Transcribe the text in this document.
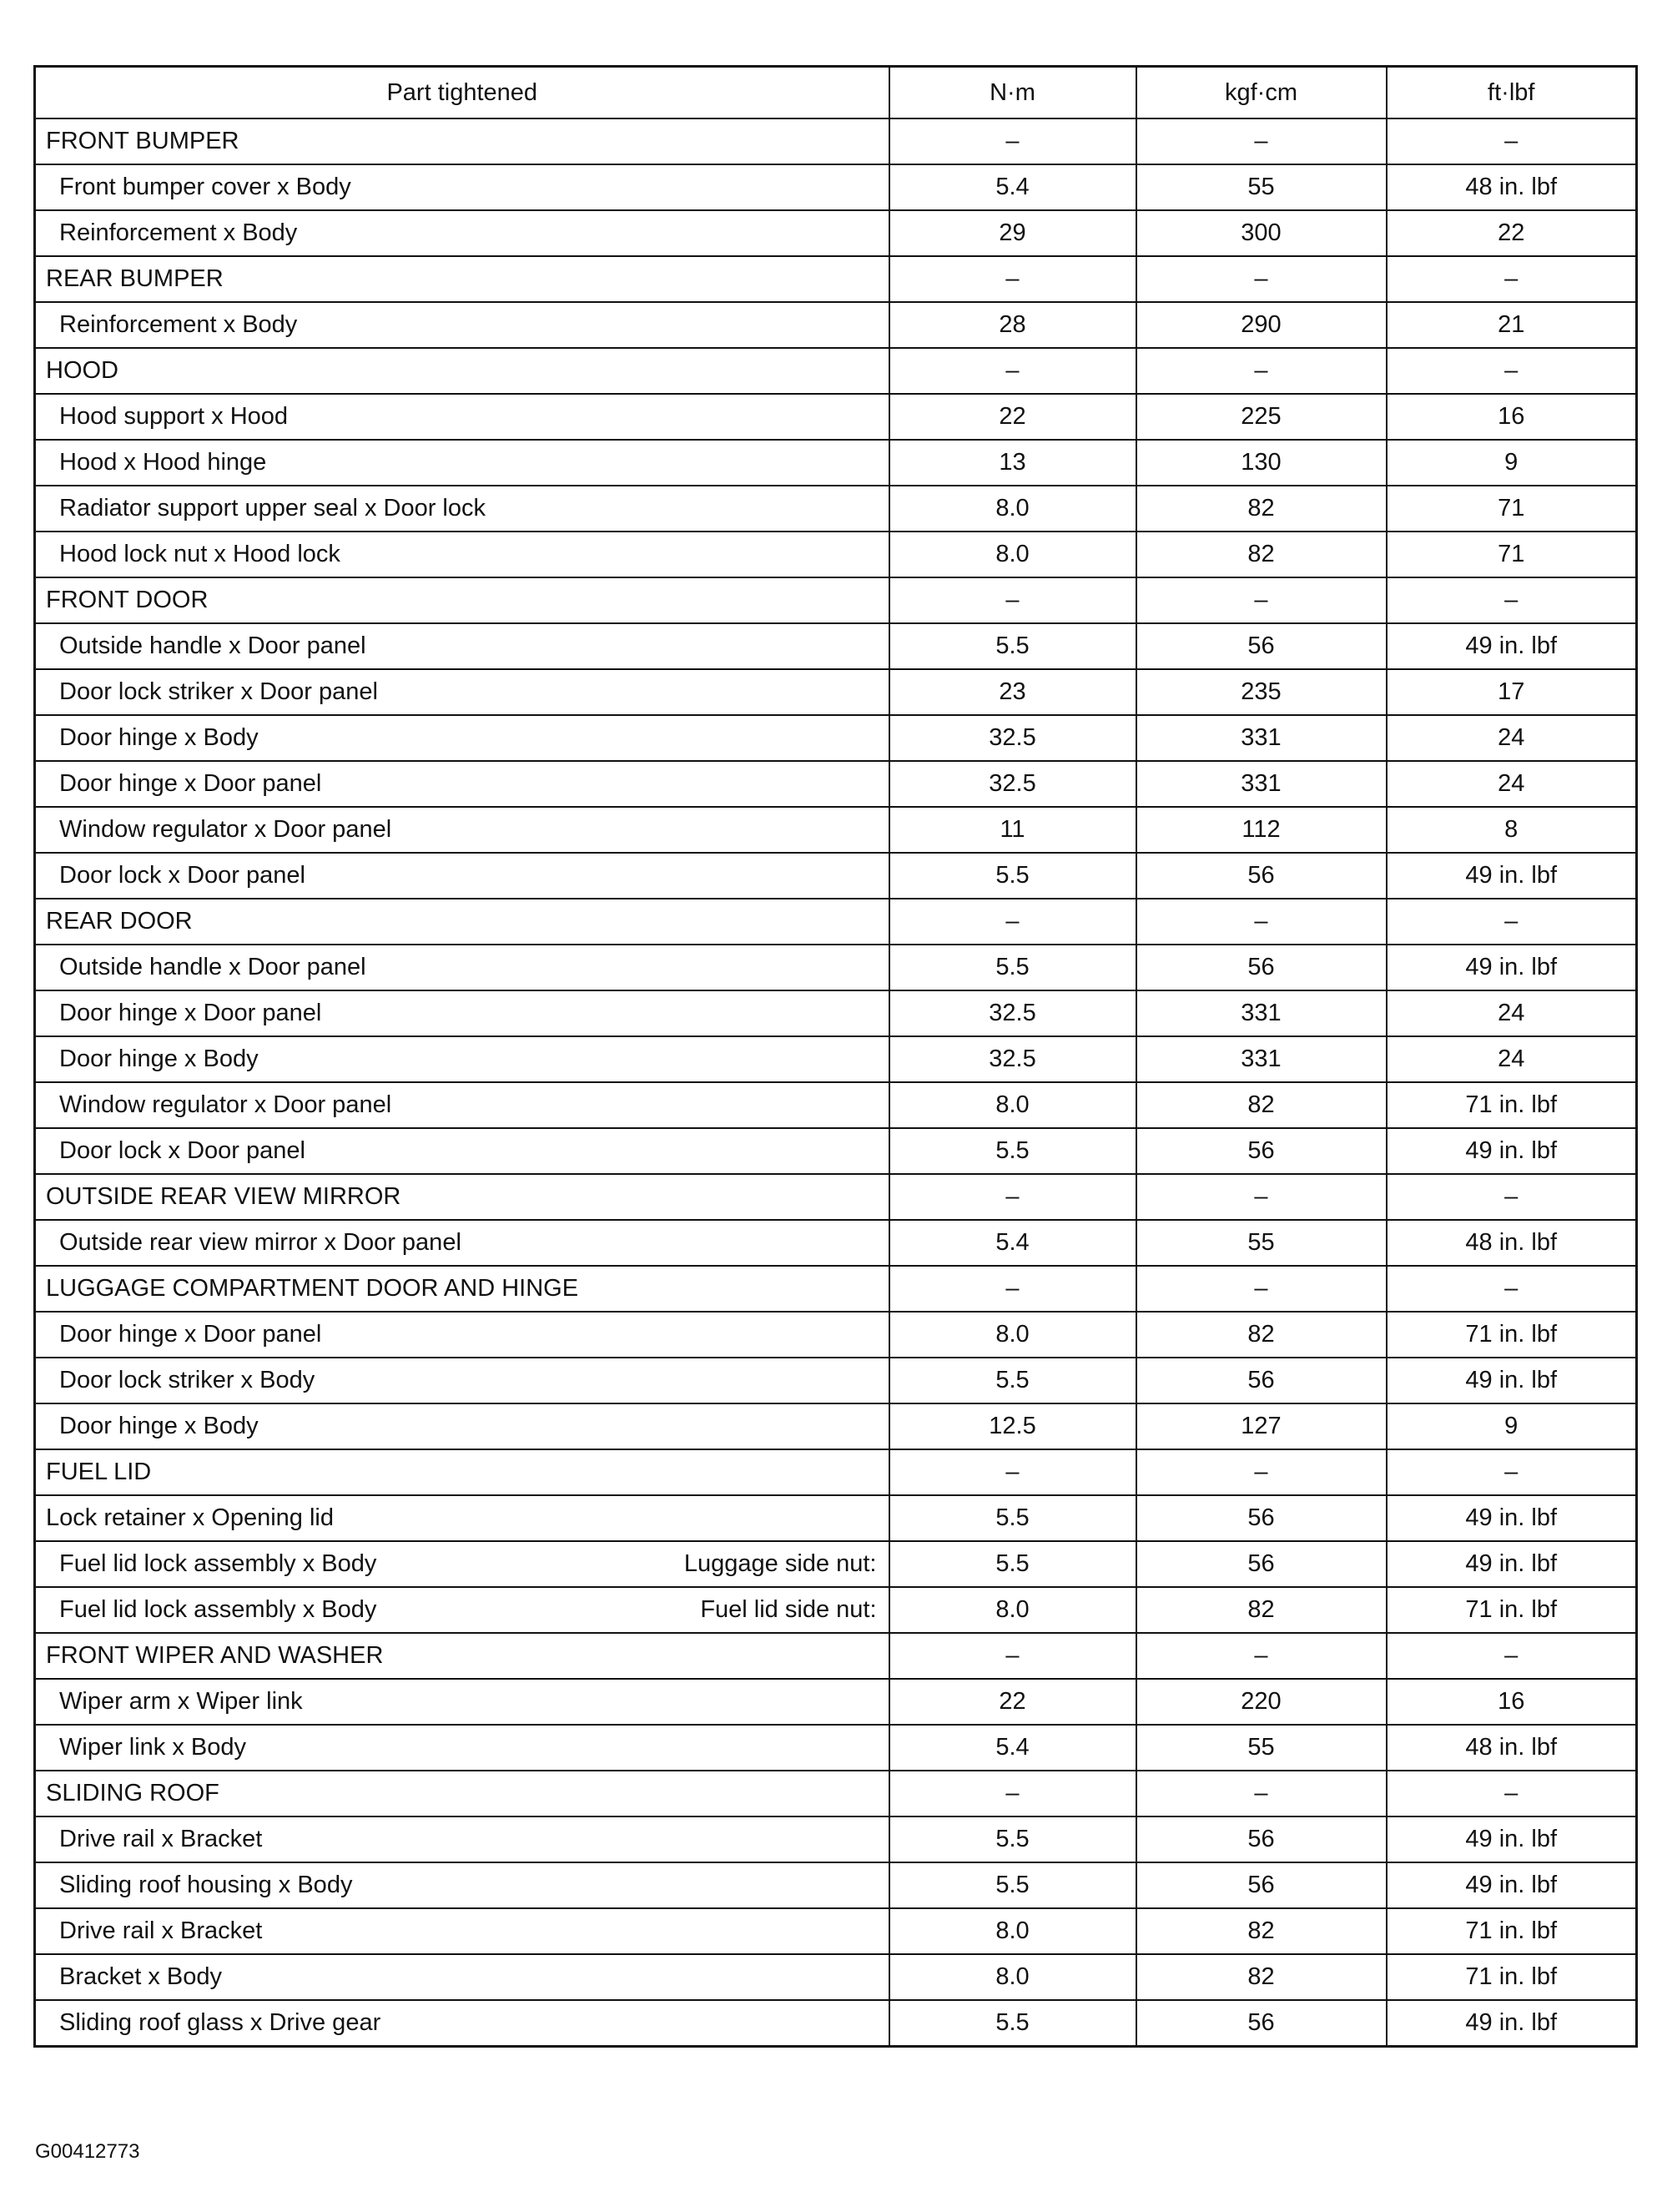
Part tightened	N·m	kgf·cm	ft·lbf

FRONT BUMPER	–	–	–

Front bumper cover x Body	5.4	55	48 in. lbf

Reinforcement x Body	29	300	22

REAR BUMPER	–	–	–

Reinforcement x Body	28	290	21

HOOD	–	–	–

Hood support x Hood	22	225	16

Hood x Hood hinge	13	130	9

Radiator support upper seal x Door lock	8.0	82	71

Hood lock nut x Hood lock	8.0	82	71

FRONT DOOR	–	–	–

Outside handle x Door panel	5.5	56	49 in. lbf

Door lock striker x Door panel	23	235	17

Door hinge x Body	32.5	331	24

Door hinge x Door panel	32.5	331	24

Window regulator x Door panel	11	112	8

Door lock x Door panel	5.5	56	49 in. lbf

REAR DOOR	–	–	–

Outside handle x Door panel	5.5	56	49 in. lbf

Door hinge x Door panel	32.5	331	24

Door hinge x Body	32.5	331	24

Window regulator x Door panel	8.0	82	71 in. lbf

Door lock x Door panel	5.5	56	49 in. lbf

OUTSIDE REAR VIEW MIRROR	–	–	–

Outside rear view mirror x Door panel	5.4	55	48 in. lbf

LUGGAGE COMPARTMENT DOOR AND HINGE	–	–	–

Door hinge x Door panel	8.0	82	71 in. lbf

Door lock striker x Body	5.5	56	49 in. lbf

Door hinge x Body	12.5	127	9

FUEL LID	–	–	–

Lock retainer x Opening lid	5.5	56	49 in. lbf

Fuel lid lock assembly x Body Luggage side nut:	5.5	56	49 in. lbf

Fuel lid lock assembly x Body Fuel lid side nut:	8.0	82	71 in. lbf

FRONT WIPER AND WASHER	–	–	–

Wiper arm x Wiper link	22	220	16

Wiper link x Body	5.4	55	48 in. lbf

SLIDING ROOF	–	–	–

Drive rail x Bracket	5.5	56	49 in. lbf

Sliding roof housing x Body	5.5	56	49 in. lbf

Drive rail x Bracket	8.0	82	71 in. lbf

Bracket x Body	8.0	82	71 in. lbf

Sliding roof glass x Drive gear	5.5	56	49 in. lbf
G00412773
